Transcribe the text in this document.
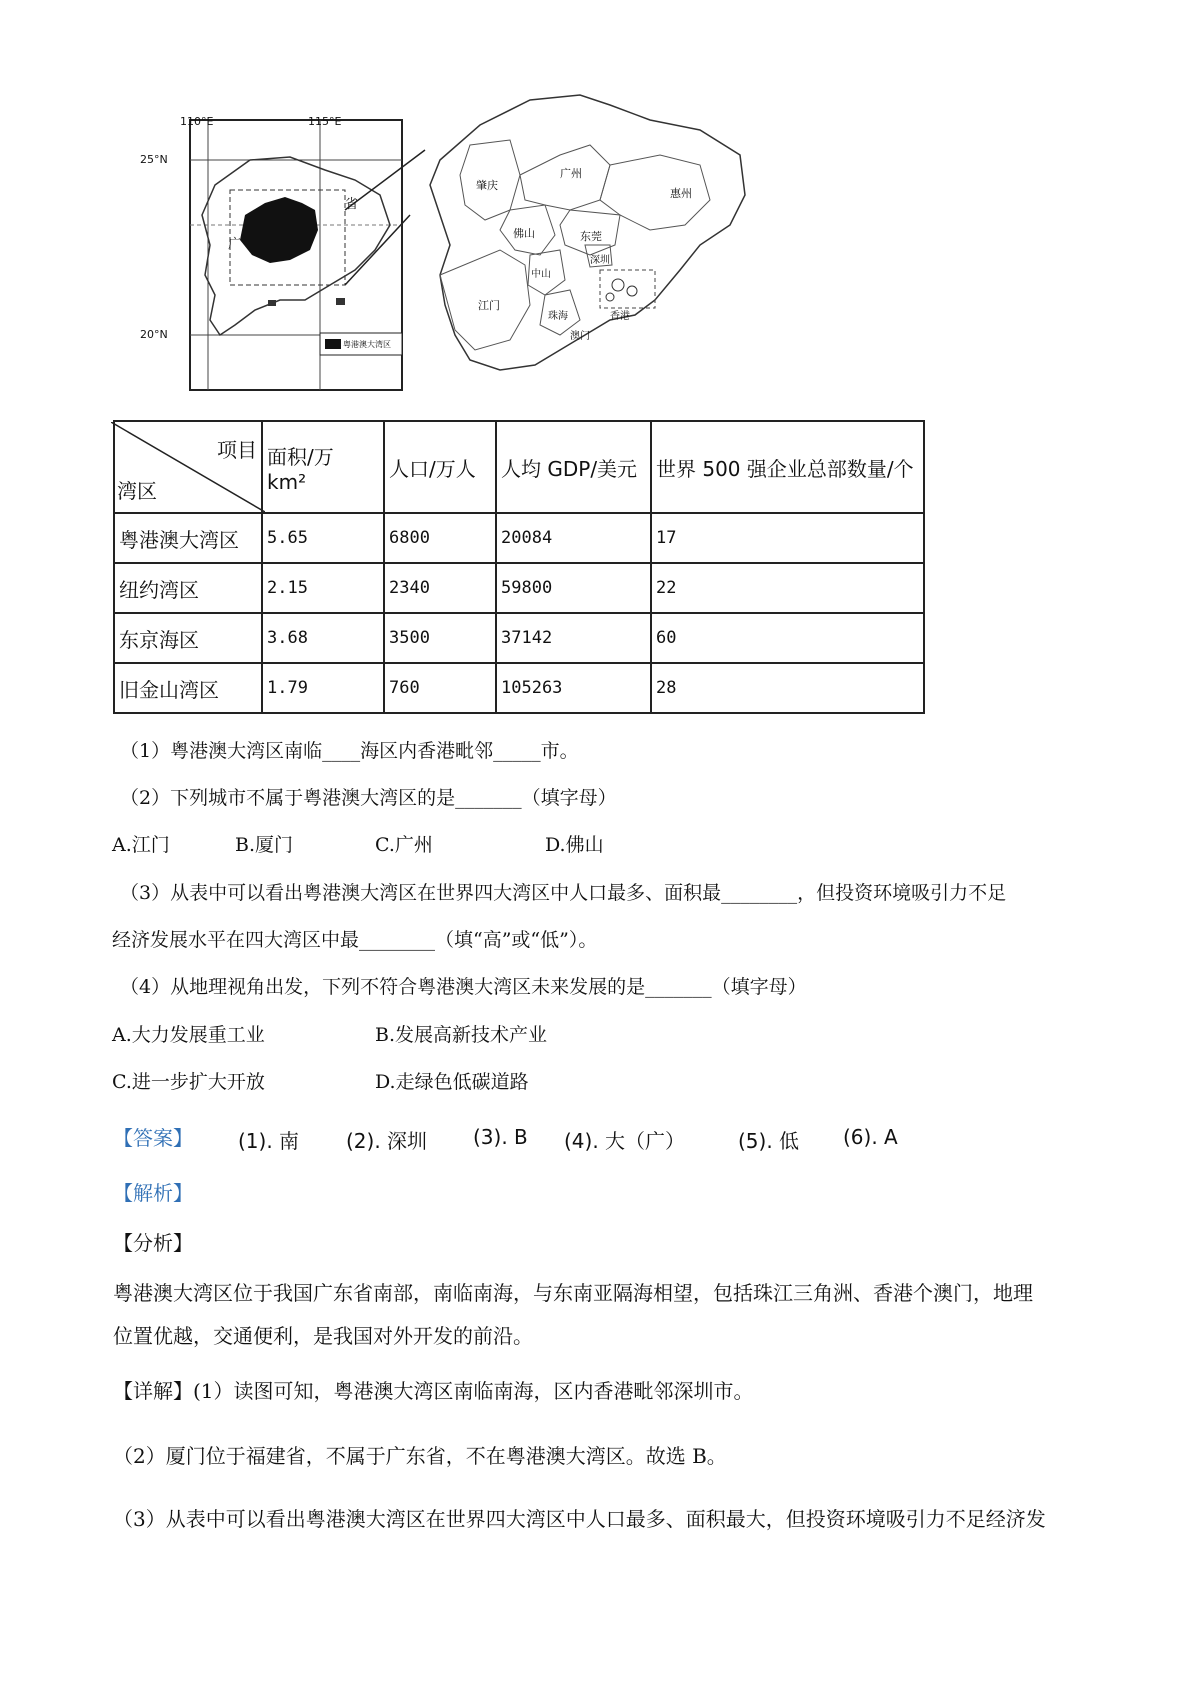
110°E	115°E
25°N
20°N
省
广
粤港澳大湾区
肇庆
广州
惠州
佛山	东莞
深圳
江门
中山
珠海
澳门
香港
项目
湾区	面积/万 km²	人口/万人	人均 GDP/美元	世界 500 强企业总部数量/个
粤港澳大湾区	5.65	6800	20084	17
纽约湾区	2.15	2340	59800	22
东京海区	3.68	3500	37142	60
旧金山湾区	1.79	760	105263	28
（1）粤港澳大湾区南临____海区内香港毗邻_____市。
（2）下列城市不属于粤港澳大湾区的是_______（填字母）
A.江门	B.厦门	C.广州	D.佛山
（3）从表中可以看出粤港澳大湾区在世界四大湾区中人口最多、面积最________，但投资环境吸引力不足
经济发展水平在四大湾区中最________（填“高”或“低”）。
（4）从地理视角出发，下列不符合粤港澳大湾区未来发展的是_______（填字母）
A.大力发展重工业	B.发展高新技术产业
C.进一步扩大开放	D.走绿色低碳道路
【答案】 (1). 南 (2). 深圳 (3). B (4). 大（广）	(5). 低 (6). A
【解析】
【分析】
粤港澳大湾区位于我国广东省南部，南临南海，与东南亚隔海相望，包括珠江三角洲、香港个澳门，地理
位置优越，交通便利，是我国对外开发的前沿。
【详解】(1）读图可知，粤港澳大湾区南临南海，区内香港毗邻深圳市。
（2）厦门位于福建省，不属于广东省，不在粤港澳大湾区。故选 B。
（3）从表中可以看出粤港澳大湾区在世界四大湾区中人口最多、面积最大，但投资环境吸引力不足经济发
